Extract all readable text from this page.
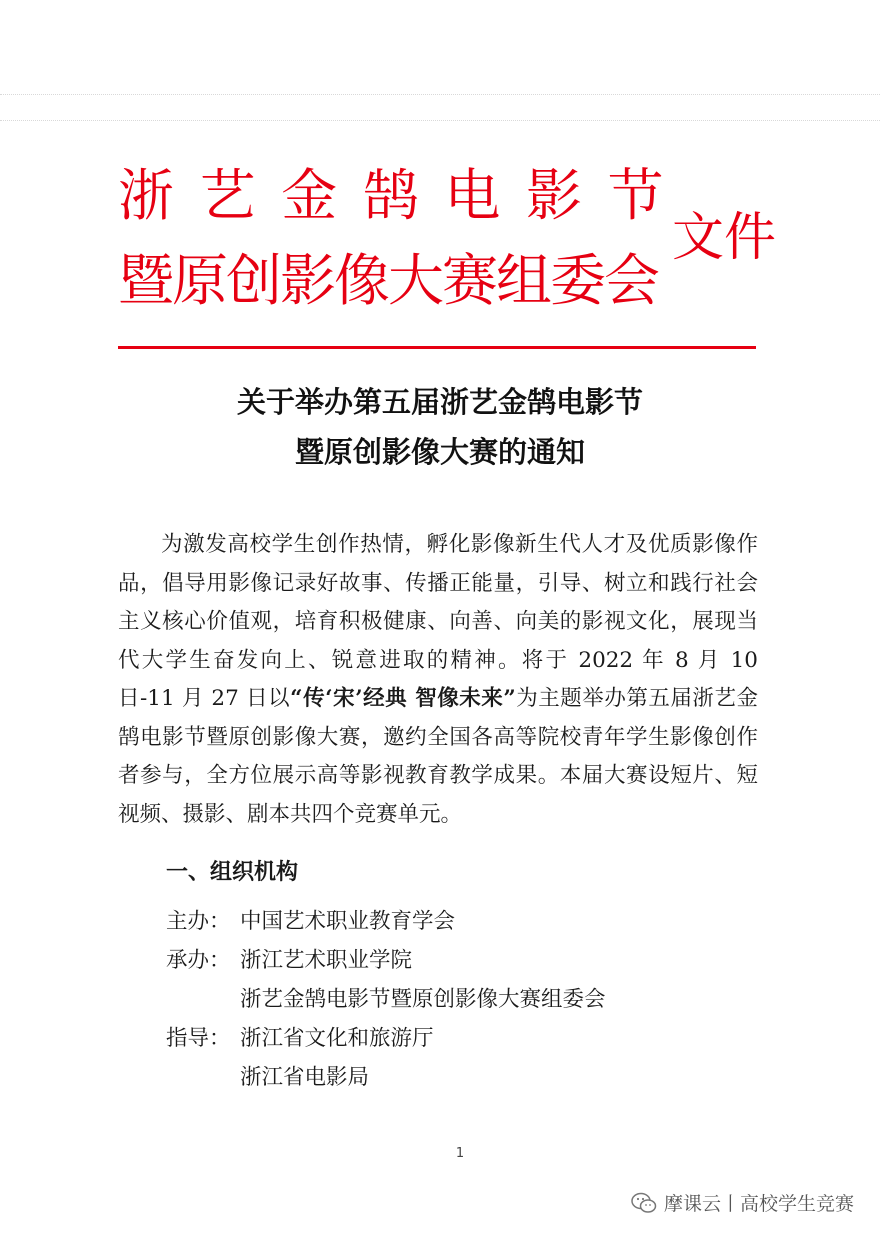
浙艺金鹄电影节
暨原创影像大赛组委会
文件
关于举办第五届浙艺金鹄电影节
暨原创影像大赛的通知

为激发高校学生创作热情，孵化影像新生代人才及优质影像作品，倡导用影像记录好故事、传播正能量，引导、树立和践行社会主义核心价值观，培育积极健康、向善、向美的影视文化，展现当代大学生奋发向上、锐意进取的精神。将于 2022 年 8 月 10 日-11 月 27 日以“传‘宋’经典 智像未来”为主题举办第五届浙艺金鹄电影节暨原创影像大赛，邀约全国各高等院校青年学生影像创作者参与，全方位展示高等影视教育教学成果。本届大赛设短片、短视频、摄影、剧本共四个竞赛单元。

一、组织机构
主办： 中国艺术职业教育学会
承办： 浙江艺术职业学院
浙艺金鹄电影节暨原创影像大赛组委会
指导： 浙江省文化和旅游厅
浙江省电影局
1
摩课云丨高校学生竞赛
